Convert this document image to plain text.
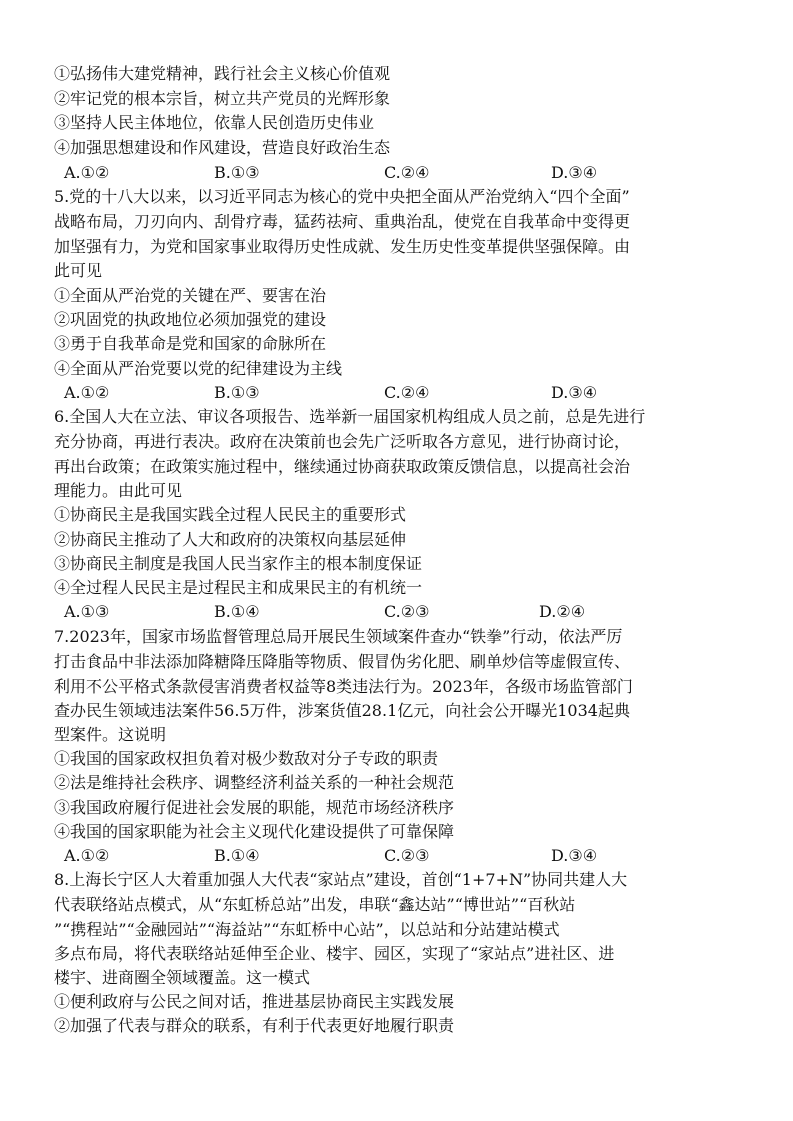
①弘扬伟大建党精神，践行社会主义核心价值观
②牢记党的根本宗旨，树立共产党员的光辉形象
③坚持人民主体地位，依靠人民创造历史伟业
④加强思想建设和作风建设，营造良好政治生态
A.①②	B.①③	C.②④	D.③④
5.党的十八大以来，以习近平同志为核心的党中央把全面从严治党纳入“四个全面”
战略布局，刀刃向内、刮骨疗毒，猛药祛疴、重典治乱，使党在自我革命中变得更
加坚强有力，为党和国家事业取得历史性成就、发生历史性变革提供坚强保障。由
此可见
①全面从严治党的关键在严、要害在治
②巩固党的执政地位必须加强党的建设
③勇于自我革命是党和国家的命脉所在
④全面从严治党要以党的纪律建设为主线
A.①②	B.①③	C.②④	D.③④
6.全国人大在立法、审议各项报告、选举新一届国家机构组成人员之前，总是先进行
充分协商，再进行表决。政府在决策前也会先广泛听取各方意见，进行协商讨论，
再出台政策；在政策实施过程中，继续通过协商获取政策反馈信息，以提高社会治
理能力。由此可见
①协商民主是我国实践全过程人民民主的重要形式
②协商民主推动了人大和政府的决策权向基层延伸
③协商民主制度是我国人民当家作主的根本制度保证
④全过程人民民主是过程民主和成果民主的有机统一
A.①③	B.①④	C.②③	D.②④
7.2023年，国家市场监督管理总局开展民生领域案件查办“铁拳”行动，依法严厉
打击食品中非法添加降糖降压降脂等物质、假冒伪劣化肥、刷单炒信等虚假宣传、
利用不公平格式条款侵害消费者权益等8类违法行为。2023年，各级市场监管部门
查办民生领域违法案件56.5万件，涉案货值28.1亿元，向社会公开曝光1034起典
型案件。这说明
①我国的国家政权担负着对极少数敌对分子专政的职责
②法是维持社会秩序、调整经济利益关系的一种社会规范
③我国政府履行促进社会发展的职能，规范市场经济秩序
④我国的国家职能为社会主义现代化建设提供了可靠保障
A.①②	B.①④	C.②③	D.③④
8.上海长宁区人大着重加强人大代表“家站点”建设，首创“1+7+N”协同共建人大
代表联络站点模式，从“东虹桥总站”出发，串联“鑫达站”“博世站”“百秋站
”“携程站”“金融园站”“海益站”“东虹桥中心站”，以总站和分站建站模式
多点布局，将代表联络站延伸至企业、楼宇、园区，实现了“家站点”进社区、进
楼宇、进商圈全领域覆盖。这一模式
①便利政府与公民之间对话，推进基层协商民主实践发展
②加强了代表与群众的联系，有利于代表更好地履行职责
